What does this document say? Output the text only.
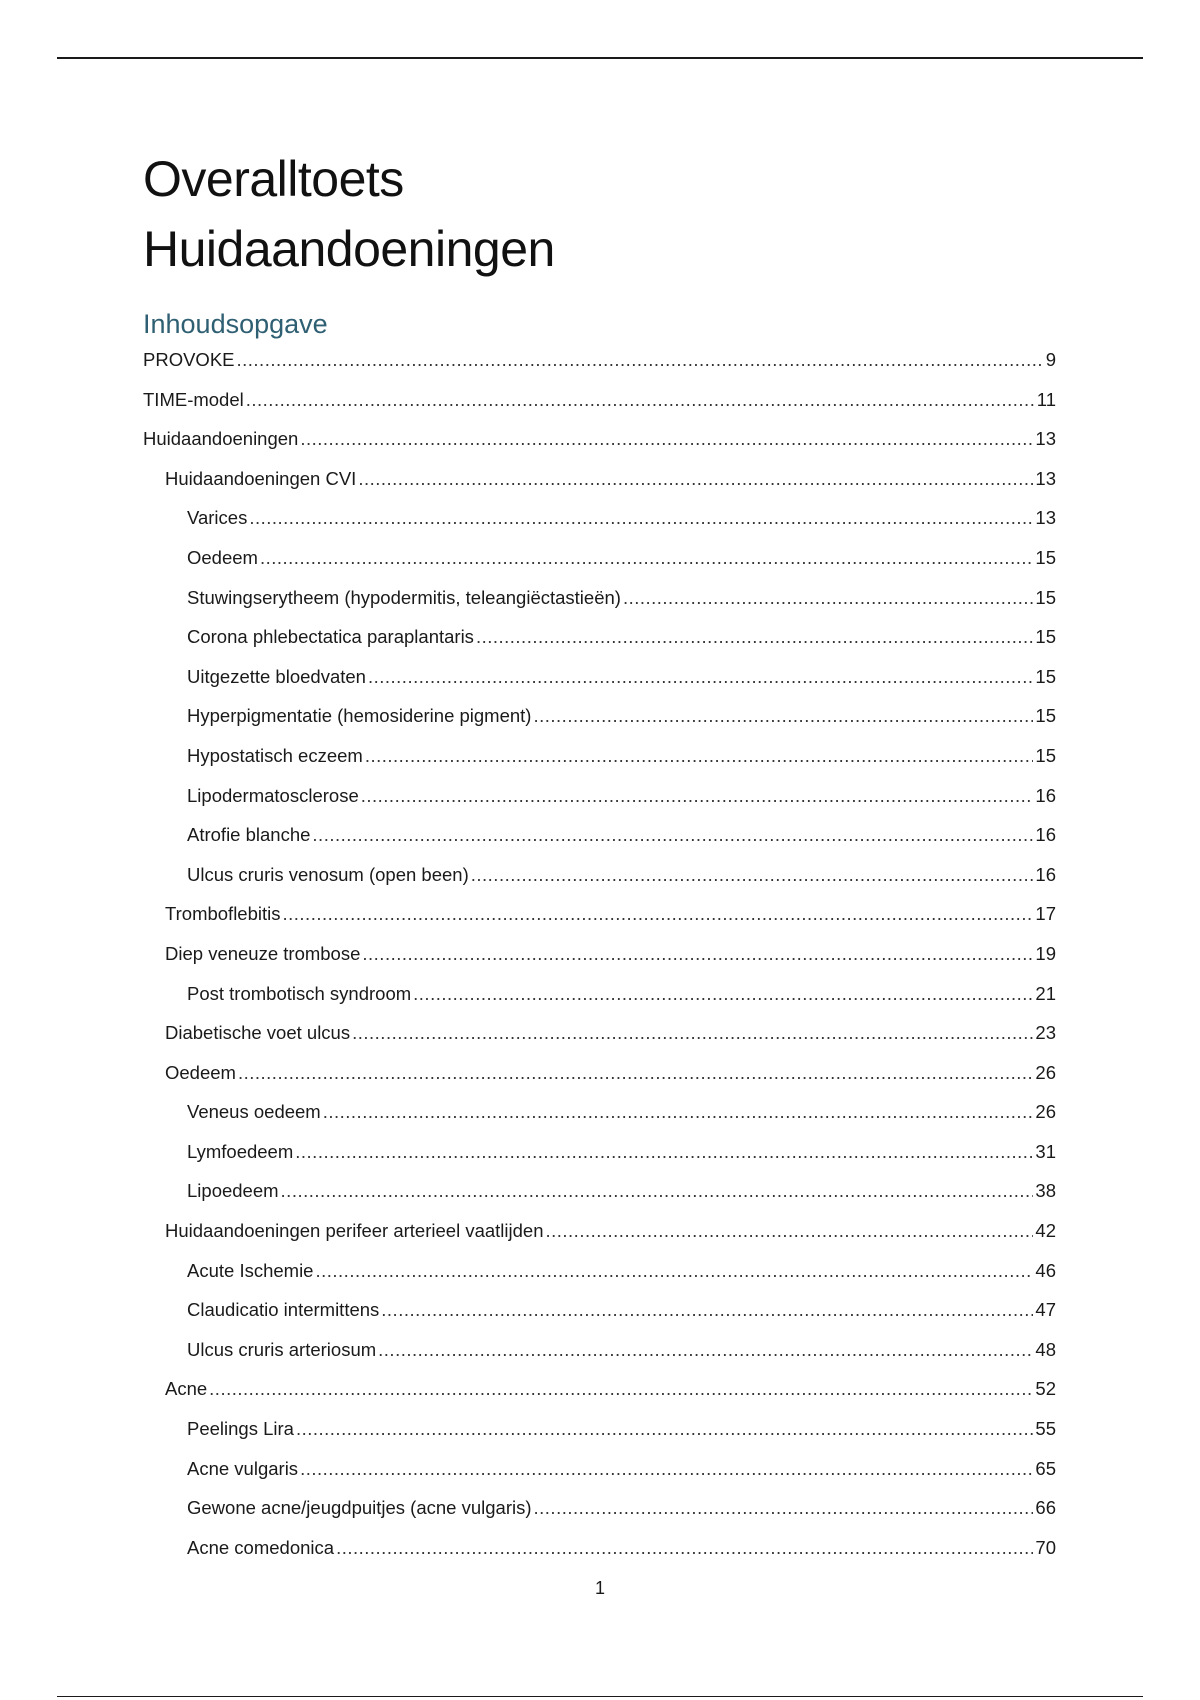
Overalltoets
Huidaandoeningen
Inhoudsopgave
PROVOKE .....	9
TIME-model .....	11
Huidaandoeningen .....	13
Huidaandoeningen CVI .....	13
Varices .....	13
Oedeem .....	15
Stuwingserytheem (hypodermitis, teleangiëctastieën) .....	15
Corona phlebectatica paraplantaris .....	15
Uitgezette bloedvaten .....	15
Hyperpigmentatie (hemosiderine pigment) .....	15
Hypostatisch eczeem .....	15
Lipodermatosclerose .....	16
Atrofie blanche .....	16
Ulcus cruris venosum (open been) .....	16
Tromboflebitis .....	17
Diep veneuze trombose .....	19
Post trombotisch syndroom .....	21
Diabetische voet ulcus .....	23
Oedeem .....	26
Veneus oedeem .....	26
Lymfoedeem .....	31
Lipoedeem .....	38
Huidaandoeningen perifeer arterieel vaatlijden .....	42
Acute Ischemie .....	46
Claudicatio intermittens .....	47
Ulcus cruris arteriosum .....	48
Acne .....	52
Peelings Lira .....	55
Acne vulgaris .....	65
Gewone acne/jeugdpuitjes (acne vulgaris) .....	66
Acne comedonica .....	70
1
